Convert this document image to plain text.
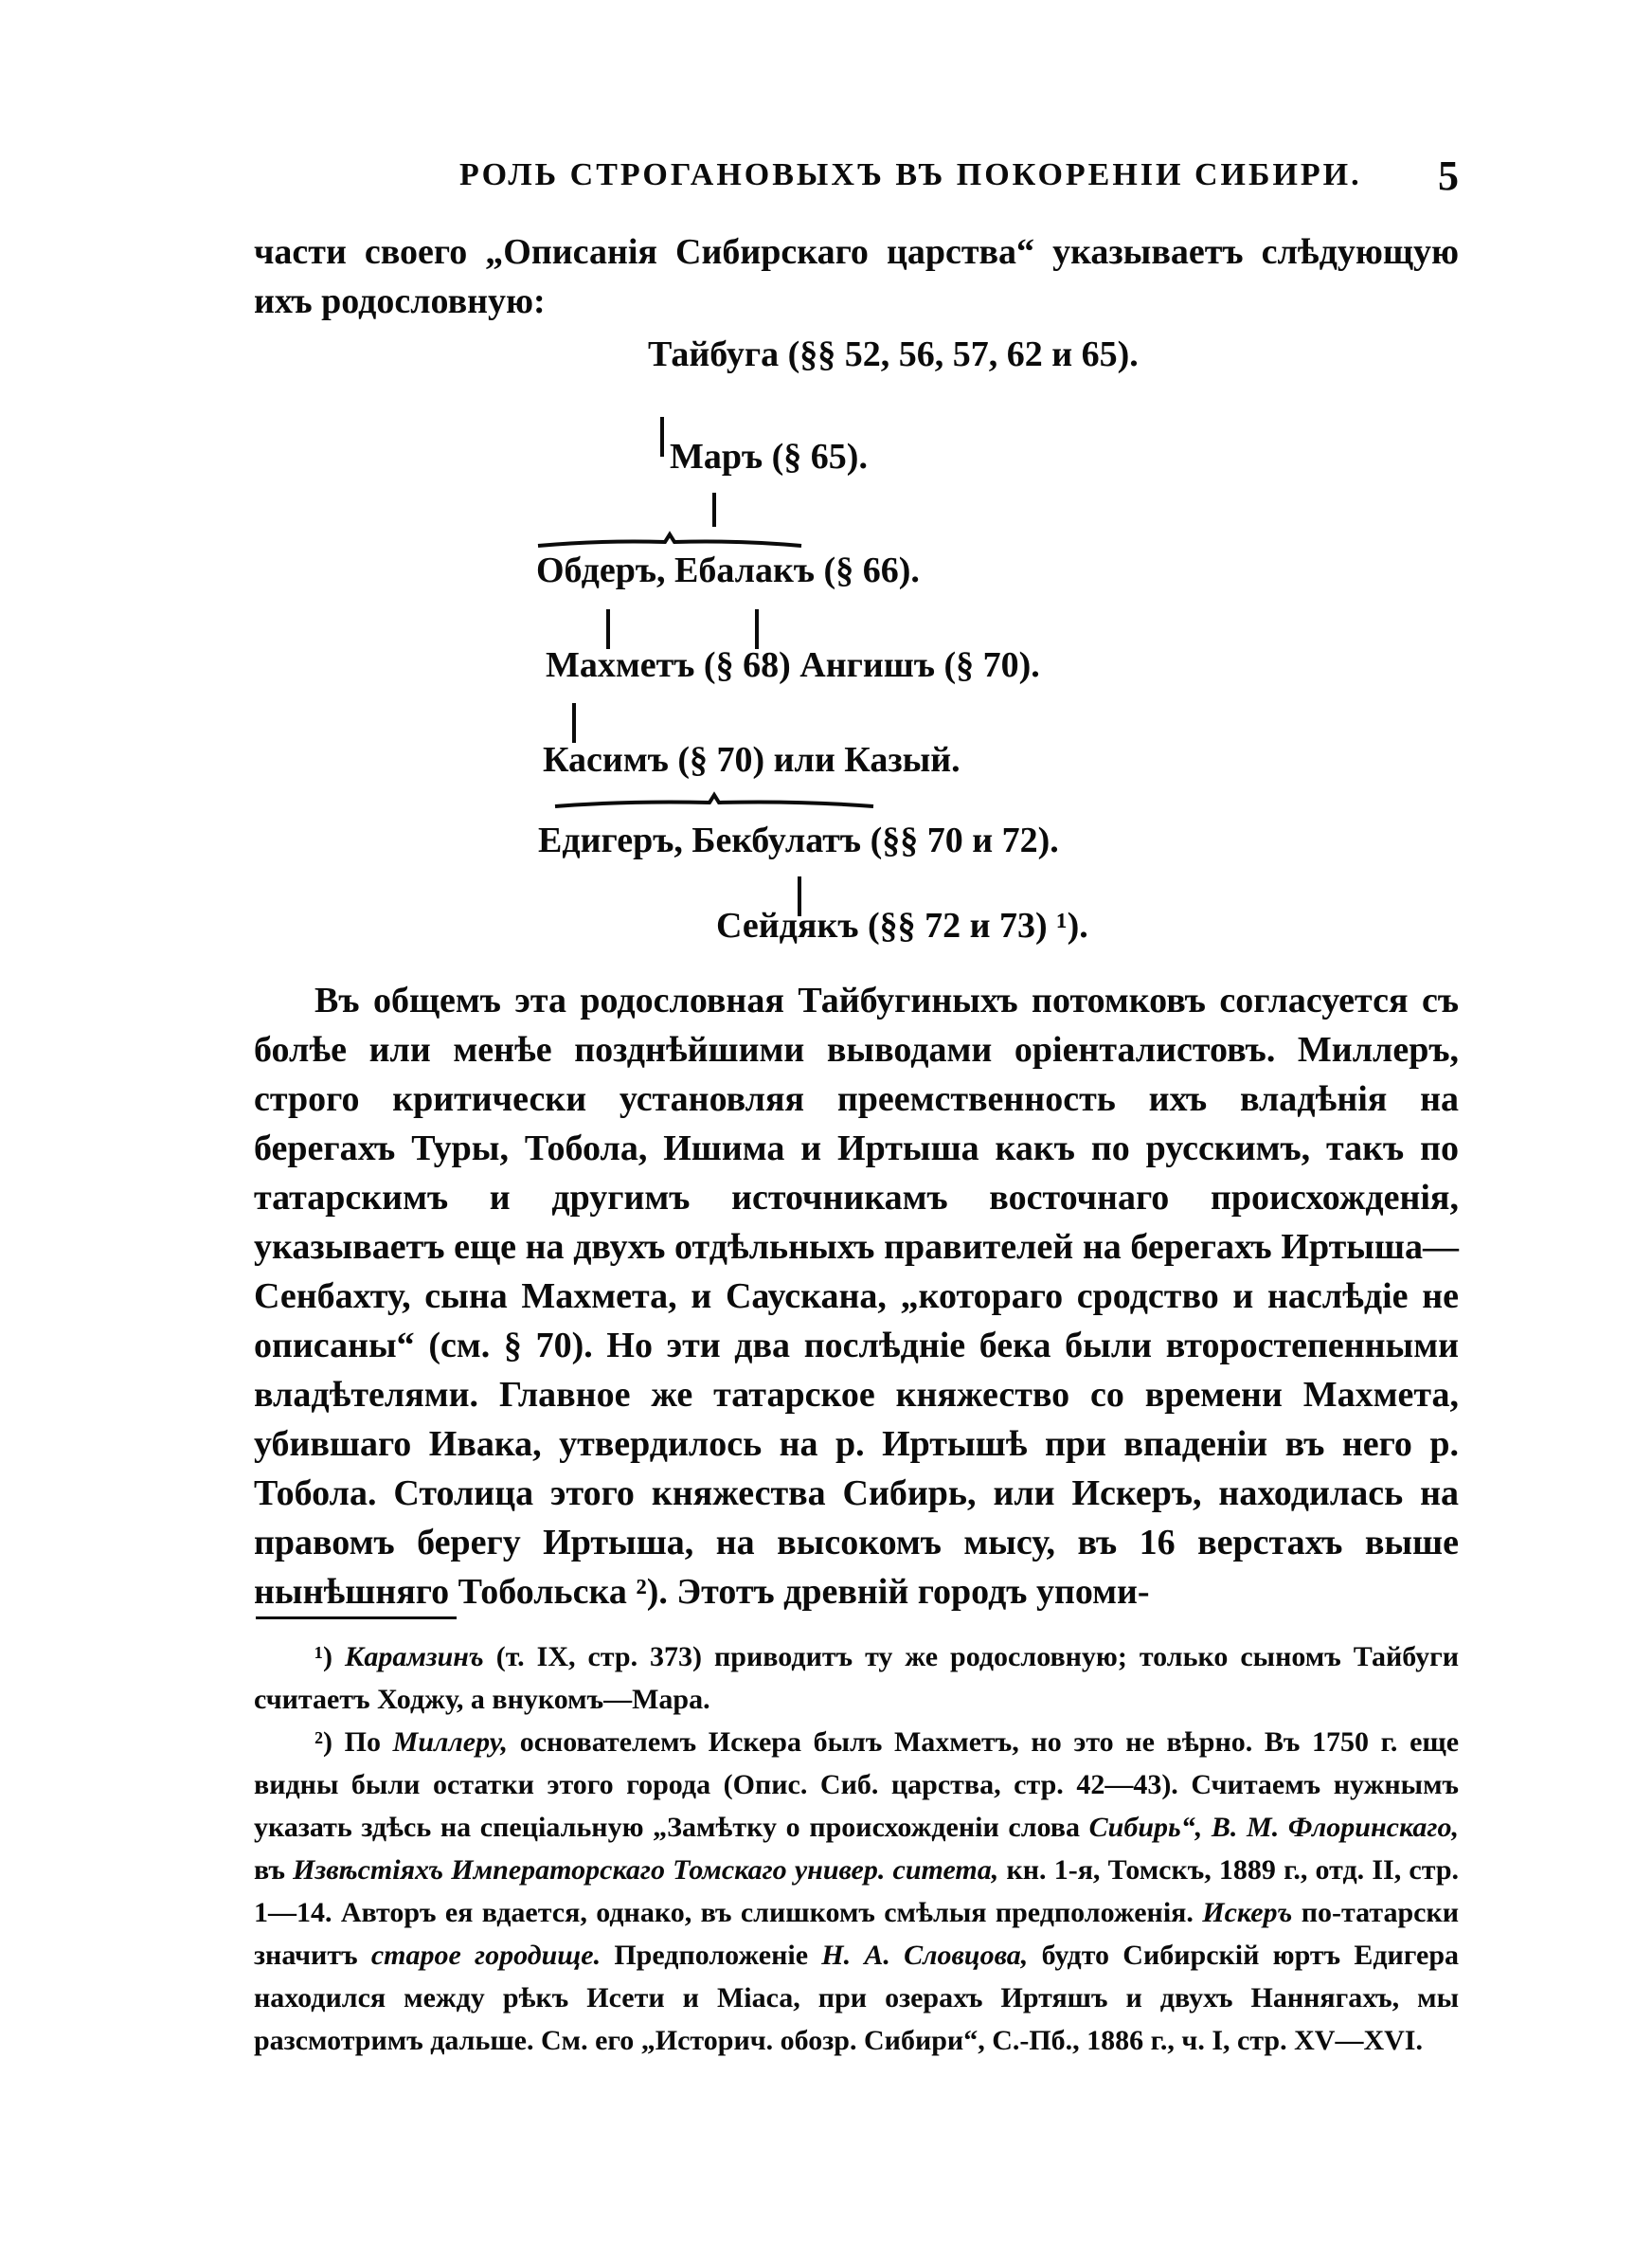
РОЛЬ СТРОГАНОВЫХЪ ВЪ ПОКОРЕНІИ СИБИРИ. 5
части своего „Описанія Сибирскаго царства“ указываетъ слѣдующую ихъ родословную:
Тайбуга (§§ 52, 56, 57, 62 и 65).
Маръ (§ 65).
Обдеръ, Ебалакъ (§ 66).
Махметъ (§ 68) Ангишъ (§ 70).
Касимъ (§ 70) или Казый.
Едигеръ, Бекбулатъ (§§ 70 и 72).
Сейдякъ (§§ 72 и 73) ¹).

Въ общемъ эта родословная Тайбугиныхъ потомковъ согласуется съ болѣе или менѣе позднѣйшими выводами оріенталистовъ. Миллеръ, строго критически установляя преемственность ихъ владѣнія на берегахъ Туры, Тобола, Ишима и Иртыша какъ по русскимъ, такъ по татарскимъ и другимъ источникамъ восточнаго происхожденія, указываетъ еще на двухъ отдѣльныхъ правителей на берегахъ Иртыша— Сенбахту, сына Махмета, и Саускана, „котораго сродство и наслѣдіе не описаны“ (см. § 70). Но эти два послѣдніе бека были второстепенными владѣтелями. Главное же татарское княжество со времени Махмета, убившаго Ивака, утвердилось на р. Иртышѣ при впаденіи въ него р. Тобола. Столица этого княжества Сибирь, или Искеръ, находилась на правомъ берегу Иртыша, на высокомъ мысу, въ 16 верстахъ выше нынѣшняго Тобольска ²). Этотъ древній городъ упоми-

¹) Карамзинъ (т. IX, стр. 373) приводитъ ту же родословную; только сыномъ Тайбуги считаетъ Ходжу, а внукомъ—Мара.

²) По Миллеру, основателемъ Искера былъ Махметъ, но это не вѣрно. Въ 1750 г. еще видны были остатки этого города (Опис. Сиб. царства, стр. 42—43). Считаемъ нужнымъ указать здѣсь на спеціальную „Замѣтку о происхожденіи слова Сибирь“, В. М. Флоринскаго, въ Извѣстіяхъ Императорскаго Томскаго универ. ситета, кн. 1-я, Томскъ, 1889 г., отд. II, стр. 1—14. Авторъ ея вдается, однако, въ слишкомъ смѣлыя предположенія. Искеръ по-татарски значитъ старое городище. Предположеніе Н. А. Словцова, будто Сибирскій юртъ Едигера находился между рѣкъ Исети и Міаса, при озерахъ Иртяшъ и двухъ Наннягахъ, мы разсмотримъ дальше. См. его „Историч. обозр. Сибири“, С.-Пб., 1886 г., ч. I, стр. XV—XVI.
